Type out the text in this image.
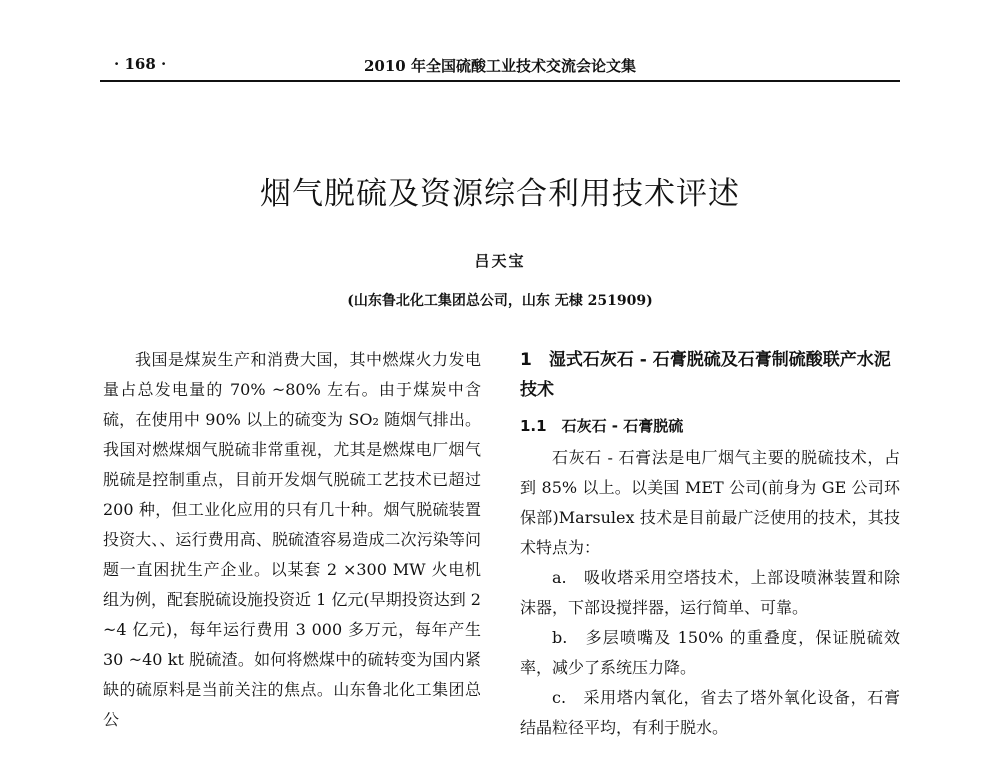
· 168 ·	2010 年全国硫酸工业技术交流会论文集
烟气脱硫及资源综合利用技术评述
吕天宝
(山东鲁北化工集团总公司，山东 无棣 251909)

我国是煤炭生产和消费大国，其中燃煤火力发电量占总发电量的 70% ~80% 左右。由于煤炭中含硫，在使用中 90% 以上的硫变为 SO₂ 随烟气排出。我国对燃煤烟气脱硫非常重视，尤其是燃煤电厂烟气脱硫是控制重点，目前开发烟气脱硫工艺技术已超过 200 种，但工业化应用的只有几十种。烟气脱硫装置投资大、、运行费用高、脱硫渣容易造成二次污染等问题一直困扰生产企业。以某套 2 ×300 MW 火电机组为例，配套脱硫设施投资近 1 亿元(早期投资达到 2 ~4 亿元)，每年运行费用 3 000 多万元，每年产生 30 ~40 kt 脱硫渣。如何将燃煤中的硫转变为国内紧缺的硫原料是当前关注的焦点。山东鲁北化工集团总公

1　湿式石灰石 - 石膏脱硫及石膏制硫酸联产水泥技术
1.1　石灰石 - 石膏脱硫

石灰石 - 石膏法是电厂烟气主要的脱硫技术，占到 85% 以上。以美国 MET 公司(前身为 GE 公司环保部)Marsulex 技术是目前最广泛使用的技术，其技术特点为：

a.　吸收塔采用空塔技术，上部设喷淋装置和除沫器，下部设搅拌器，运行简单、可靠。

b.　多层喷嘴及 150% 的重叠度，保证脱硫效率，减少了系统压力降。

c.　采用塔内氧化，省去了塔外氧化设备，石膏结晶粒径平均，有利于脱水。
